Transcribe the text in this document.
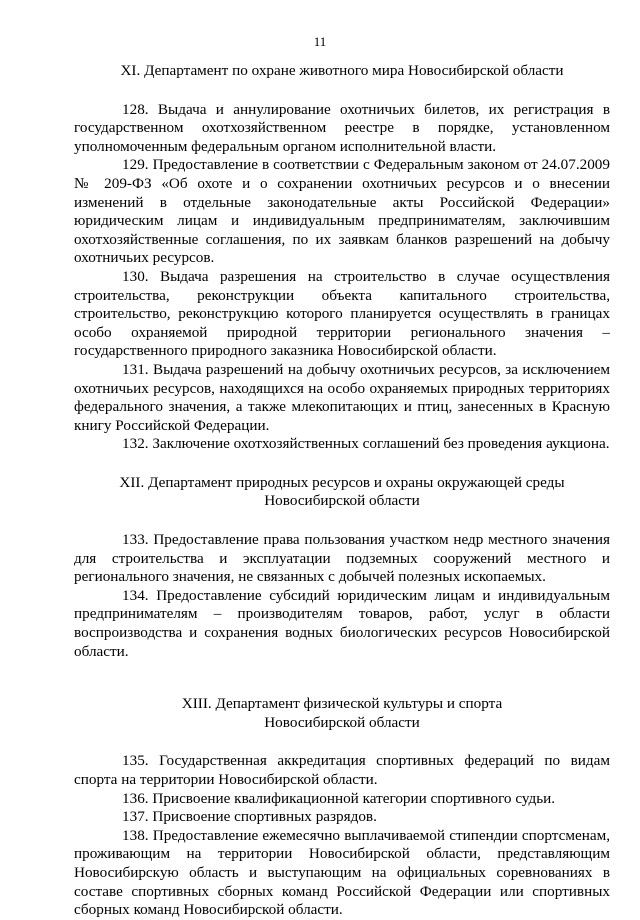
11
XI. Департамент по охране животного мира Новосибирской области

128. Выдача и аннулирование охотничьих билетов, их регистрация в государственном охотхозяйственном реестре в порядке, установленном уполномоченным федеральным органом исполнительной власти.

129. Предоставление в соответствии с Федеральным законом от 24.07.2009 № 209-ФЗ «Об охоте и о сохранении охотничьих ресурсов и о внесении изменений в отдельные законодательные акты Российской Федерации» юридическим лицам и индивидуальным предпринимателям, заключившим охотхозяйственные соглашения, по их заявкам бланков разрешений на добычу охотничьих ресурсов.

130. Выдача разрешения на строительство в случае осуществления строительства, реконструкции объекта капитального строительства, строительство, реконструкцию которого планируется осуществлять в границах особо охраняемой природной территории регионального значения – государственного природного заказника Новосибирской области.

131. Выдача разрешений на добычу охотничьих ресурсов, за исключением охотничьих ресурсов, находящихся на особо охраняемых природных территориях федерального значения, а также млекопитающих и птиц, занесенных в Красную книгу Российской Федерации.

132. Заключение охотхозяйственных соглашений без проведения аукциона.

XII. Департамент природных ресурсов и охраны окружающей среды
Новосибирской области

133. Предоставление права пользования участком недр местного значения для строительства и эксплуатации подземных сооружений местного и регионального значения, не связанных с добычей полезных ископаемых.

134. Предоставление субсидий юридическим лицам и индивидуальным предпринимателям – производителям товаров, работ, услуг в области воспроизводства и сохранения водных биологических ресурсов Новосибирской области.

XIII. Департамент физической культуры и спорта
Новосибирской области

135. Государственная аккредитация спортивных федераций по видам спорта на территории Новосибирской области.

136. Присвоение квалификационной категории спортивного судьи.

137. Присвоение спортивных разрядов.

138. Предоставление ежемесячно выплачиваемой стипендии спортсменам, проживающим на территории Новосибирской области, представляющим Новосибирскую область и выступающим на официальных соревнованиях в составе спортивных сборных команд Российской Федерации или спортивных сборных команд Новосибирской области.
